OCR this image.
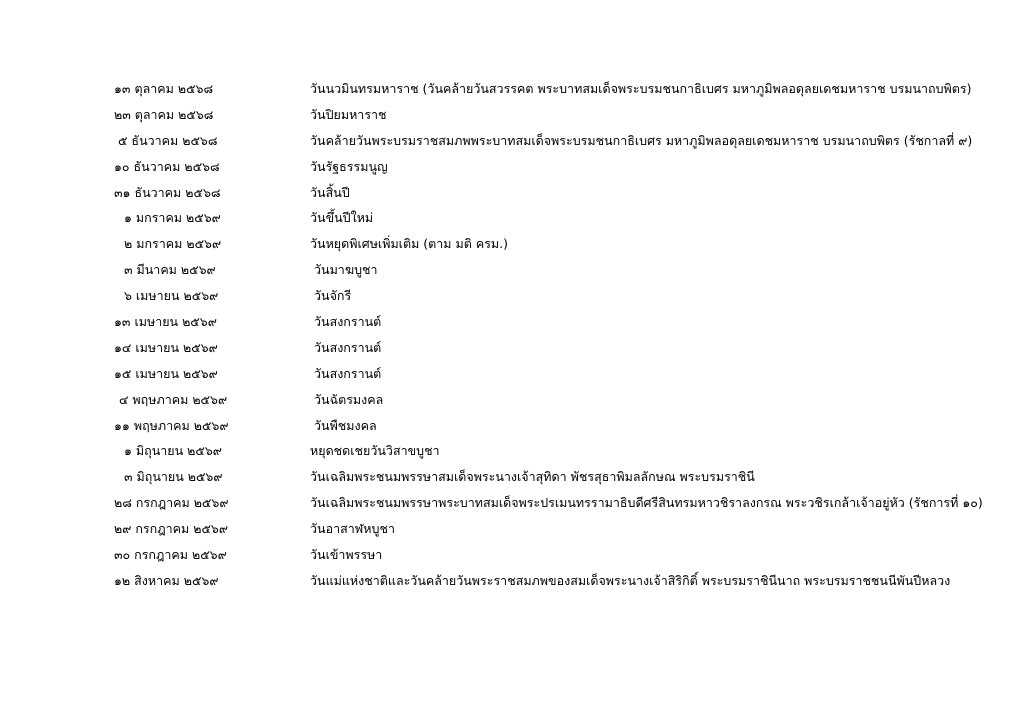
๑๓ ตุลาคม ๒๕๖๘	วันนวมินทรมหาราช (วันคล้ายวันสวรรคต พระบาทสมเด็จพระบรมชนกาธิเบศร มหาภูมิพลอดุลยเดชมหาราช บรมนาถบพิตร)
๒๓ ตุลาคม ๒๕๖๘	วันปิยมหาราช
๕ ธันวาคม ๒๕๖๘	วันคล้ายวันพระบรมราชสมภพพระบาทสมเด็จพระบรมชนกาธิเบศร มหาภูมิพลอดุลยเดชมหาราช บรมนาถบพิตร (รัชกาลที่ ๙)
๑๐ ธันวาคม ๒๕๖๘	วันรัฐธรรมนูญ
๓๑ ธันวาคม ๒๕๖๘	วันสิ้นปี
๑ มกราคม ๒๕๖๙	วันขึ้นปีใหม่
๒ มกราคม ๒๕๖๙	วันหยุดพิเศษเพิ่มเติม (ตาม มติ ครม.)
๓ มีนาคม ๒๕๖๙	วันมาฆบูชา
๖ เมษายน ๒๕๖๙	วันจักรี
๑๓ เมษายน ๒๕๖๙	วันสงกรานต์
๑๔ เมษายน ๒๕๖๙	วันสงกรานต์
๑๕ เมษายน ๒๕๖๙	วันสงกรานต์
๔ พฤษภาคม ๒๕๖๙	วันฉัตรมงคล
๑๑ พฤษภาคม ๒๕๖๙	วันพืชมงคล
๑ มิถุนายน ๒๕๖๙	หยุดชดเชยวันวิสาขบูชา
๓ มิถุนายน ๒๕๖๙	วันเฉลิมพระชนมพรรษาสมเด็จพระนางเจ้าสุทิดา พัชรสุธาพิมลลักษณ พระบรมราชินี
๒๘ กรกฎาคม ๒๕๖๙	วันเฉลิมพระชนมพรรษาพระบาทสมเด็จพระปรเมนทรรามาธิบดีศรีสินทรมหาวชิราลงกรณ พระวชิรเกล้าเจ้าอยู่หัว (รัชการที่ ๑๐)
๒๙ กรกฎาคม ๒๕๖๙	วันอาสาฬหบูชา
๓๐ กรกฎาคม ๒๕๖๙	วันเข้าพรรษา
๑๒ สิงหาคม ๒๕๖๙	วันแม่แห่งชาติและวันคล้ายวันพระราชสมภพของสมเด็จพระนางเจ้าสิริกิติ์ พระบรมราชินีนาถ พระบรมราชชนนีพันปีหลวง
